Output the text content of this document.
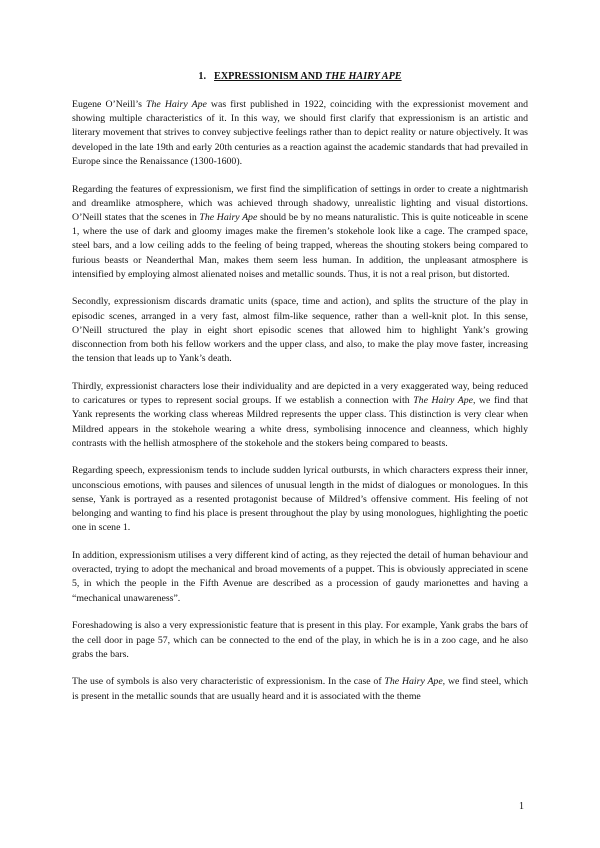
1. EXPRESSIONISM AND THE HAIRY APE

Eugene O’Neill’s The Hairy Ape was first published in 1922, coinciding with the expressionist movement and showing multiple characteristics of it. In this way, we should first clarify that expressionism is an artistic and literary movement that strives to convey subjective feelings rather than to depict reality or nature objectively. It was developed in the late 19th and early 20th centuries as a reaction against the academic standards that had prevailed in Europe since the Renaissance (1300-1600).

Regarding the features of expressionism, we first find the simplification of settings in order to create a nightmarish and dreamlike atmosphere, which was achieved through shadowy, unrealistic lighting and visual distortions. O’Neill states that the scenes in The Hairy Ape should be by no means naturalistic. This is quite noticeable in scene 1, where the use of dark and gloomy images make the firemen’s stokehole look like a cage. The cramped space, steel bars, and a low ceiling adds to the feeling of being trapped, whereas the shouting stokers being compared to furious beasts or Neanderthal Man, makes them seem less human. In addition, the unpleasant atmosphere is intensified by employing almost alienated noises and metallic sounds. Thus, it is not a real prison, but distorted.

Secondly, expressionism discards dramatic units (space, time and action), and splits the structure of the play in episodic scenes, arranged in a very fast, almost film-like sequence, rather than a well-knit plot. In this sense, O’Neill structured the play in eight short episodic scenes that allowed him to highlight Yank’s growing disconnection from both his fellow workers and the upper class, and also, to make the play move faster, increasing the tension that leads up to Yank’s death.

Thirdly, expressionist characters lose their individuality and are depicted in a very exaggerated way, being reduced to caricatures or types to represent social groups. If we establish a connection with The Hairy Ape, we find that Yank represents the working class whereas Mildred represents the upper class. This distinction is very clear when Mildred appears in the stokehole wearing a white dress, symbolising innocence and cleanness, which highly contrasts with the hellish atmosphere of the stokehole and the stokers being compared to beasts.

Regarding speech, expressionism tends to include sudden lyrical outbursts, in which characters express their inner, unconscious emotions, with pauses and silences of unusual length in the midst of dialogues or monologues. In this sense, Yank is portrayed as a resented protagonist because of Mildred’s offensive comment. His feeling of not belonging and wanting to find his place is present throughout the play by using monologues, highlighting the poetic one in scene 1.

In addition, expressionism utilises a very different kind of acting, as they rejected the detail of human behaviour and overacted, trying to adopt the mechanical and broad movements of a puppet. This is obviously appreciated in scene 5, in which the people in the Fifth Avenue are described as a procession of gaudy marionettes and having a “mechanical unawareness”.

Foreshadowing is also a very expressionistic feature that is present in this play. For example, Yank grabs the bars of the cell door in page 57, which can be connected to the end of the play, in which he is in a zoo cage, and he also grabs the bars.

The use of symbols is also very characteristic of expressionism. In the case of The Hairy Ape, we find steel, which is present in the metallic sounds that are usually heard and it is associated with the theme

1
